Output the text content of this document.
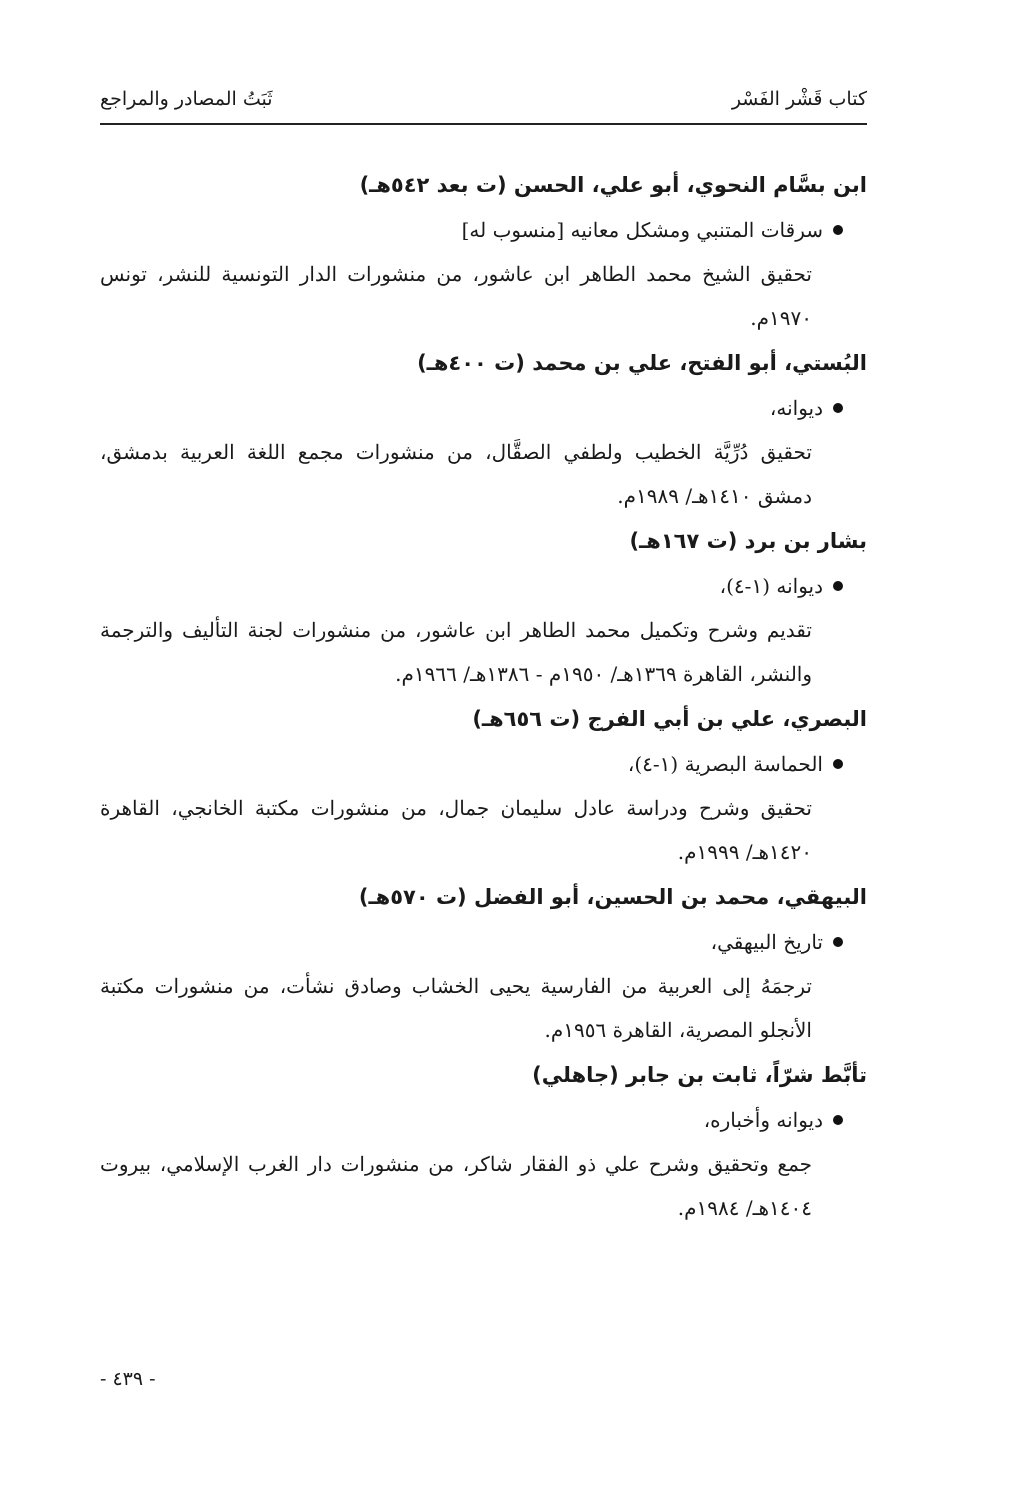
كتاب قَشْر الفَسْر
ثَبَتُ المصادر والمراجع

ابن بسَّام النحوي، أبو علي، الحسن (ت بعد ٥٤٢هـ)

سرقات المتنبي ومشكل معانيه [منسوب له]

تحقيق الشيخ محمد الطاهر ابن عاشور، من منشورات الدار التونسية للنشر، تونس ١٩٧٠م.

البُستي، أبو الفتح، علي بن محمد (ت ٤٠٠هـ)

ديوانه،

تحقيق دُرِّيَّة الخطيب ولطفي الصقَّال، من منشورات مجمع اللغة العربية بدمشق، دمشق ١٤١٠هـ/ ١٩٨٩م.

بشار بن برد (ت ١٦٧هـ)

ديوانه (١-٤)،

تقديم وشرح وتكميل محمد الطاهر ابن عاشور، من منشورات لجنة التأليف والترجمة والنشر، القاهرة ١٣٦٩هـ/ ١٩٥٠م - ١٣٨٦هـ/ ١٩٦٦م.

البصري، علي بن أبي الفرج (ت ٦٥٦هـ)

الحماسة البصرية (١-٤)،

تحقيق وشرح ودراسة عادل سليمان جمال، من منشورات مكتبة الخانجي، القاهرة ١٤٢٠هـ/ ١٩٩٩م.

البيهقي، محمد بن الحسين، أبو الفضل (ت ٥٧٠هـ)

تاريخ البيهقي،

ترجمَهُ إلى العربية من الفارسية يحيى الخشاب وصادق نشأت، من منشورات مكتبة الأنجلو المصرية، القاهرة ١٩٥٦م.

تأبَّط شرّاً، ثابت بن جابر (جاهلي)

ديوانه وأخباره،

جمع وتحقيق وشرح علي ذو الفقار شاكر، من منشورات دار الغرب الإسلامي، بيروت ١٤٠٤هـ/ ١٩٨٤م.

- ٤٣٩ -
